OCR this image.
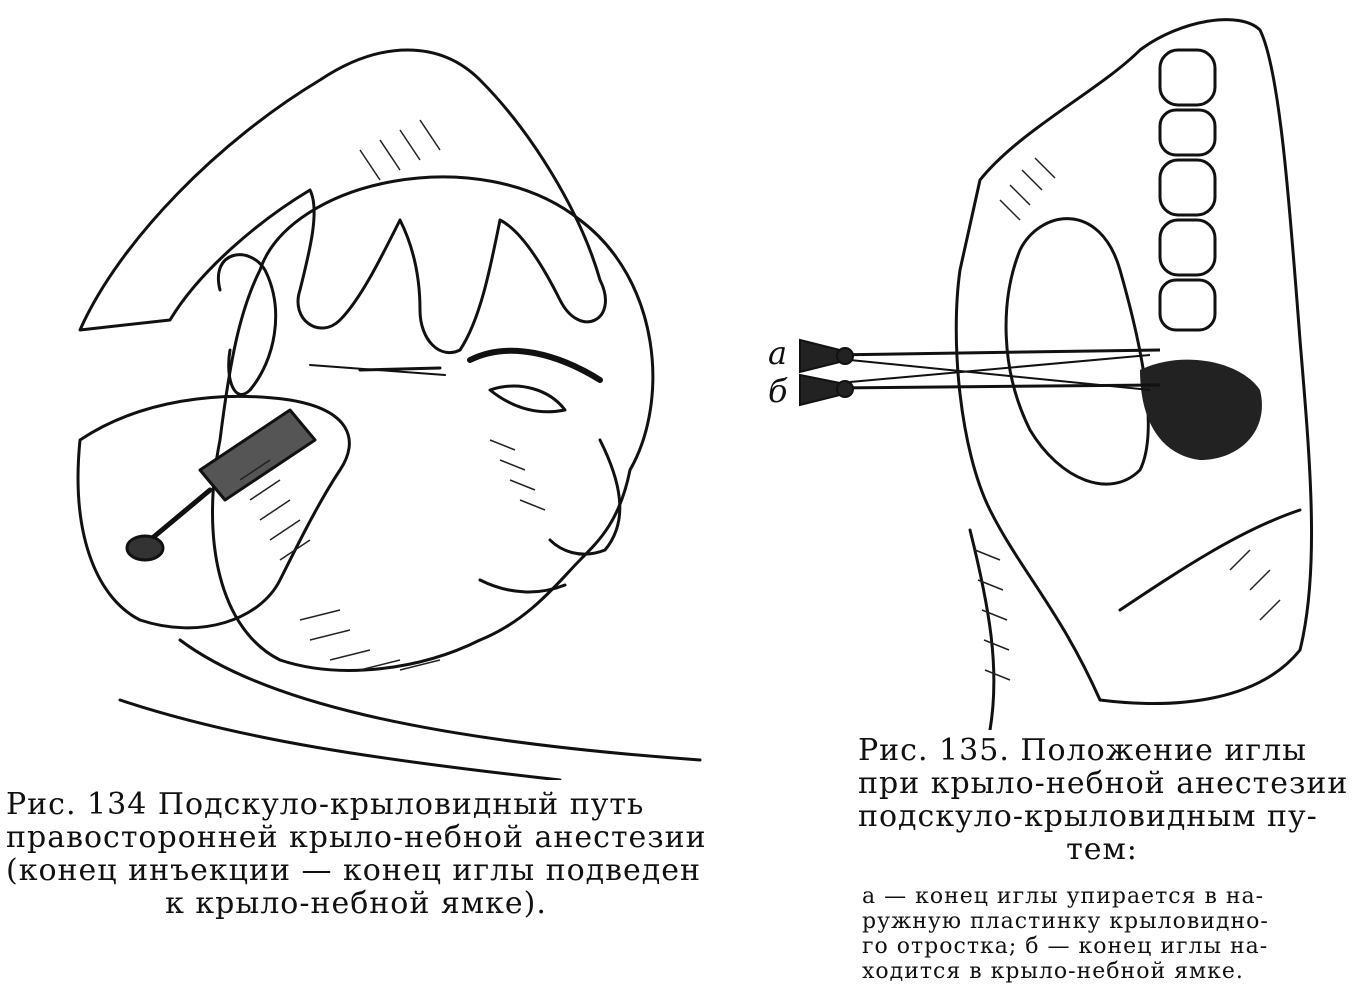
а
б
Рис. 134 Подскуло-крыловидный путь
правосторонней крыло-небной анестезии
(конец инъекции — конец иглы подведен
к крыло-небной ямке).
Рис. 135. Положение иглы
при крыло-небной анестезии
подскуло-крыловидным пу-
тем:
а — конец иглы упирается в на-
ружную пластинку крыловидно-
го отростка; б — конец иглы на-
ходится в крыло-небной ямке.
